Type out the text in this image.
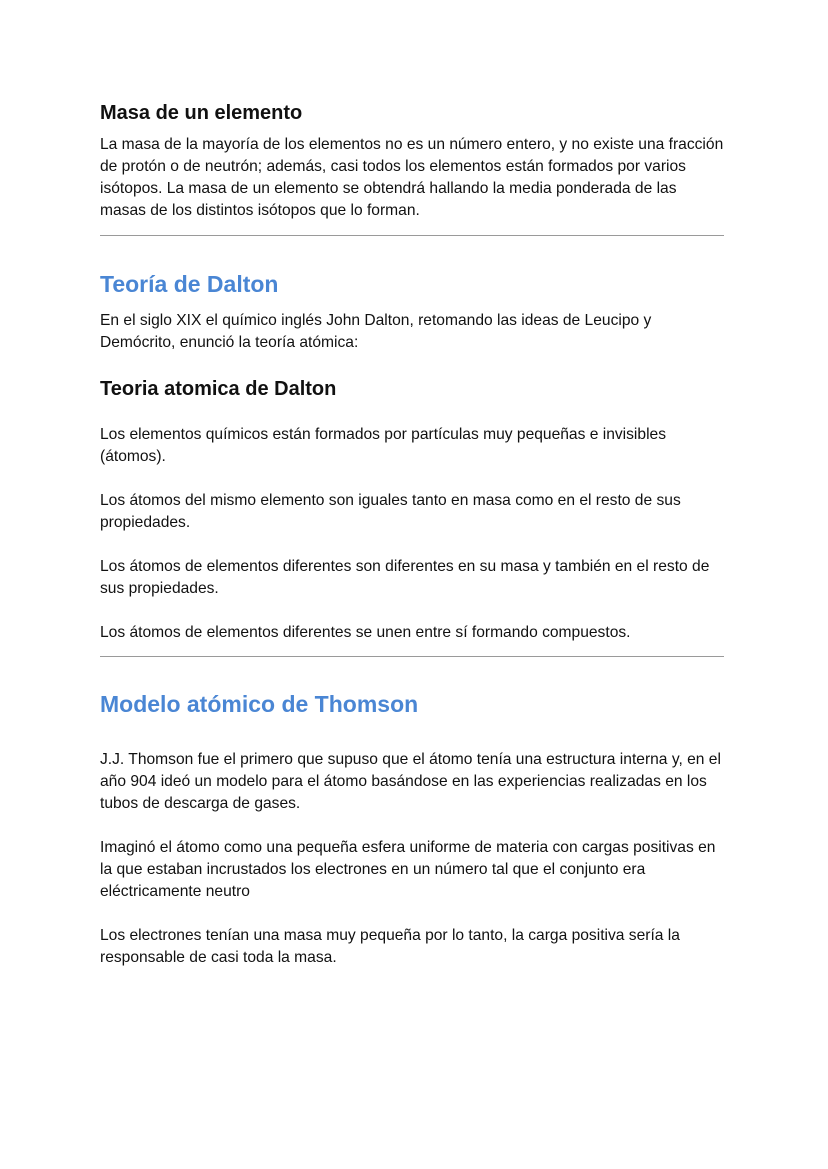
Masa de un elemento

La masa de la mayoría de los elementos no es un número entero, y no existe una fracción de protón o de neutrón; además, casi todos los elementos están formados por varios isótopos. La masa de un elemento se obtendrá hallando la media ponderada de las masas de los distintos isótopos que lo forman.

Teoría de Dalton

En el siglo XIX el químico inglés John Dalton, retomando las ideas de Leucipo y Demócrito, enunció la teoría atómica:

Teoria atomica de Dalton

Los elementos químicos están formados por partículas muy pequeñas e invisibles (átomos).

Los átomos del mismo elemento son iguales tanto en masa como en el resto de sus propiedades.

Los átomos de elementos diferentes son diferentes en su masa y también en el resto de sus propiedades.

Los átomos de elementos diferentes se unen entre sí formando compuestos.

Modelo atómico de Thomson

J.J. Thomson fue el primero que supuso que el átomo tenía una estructura interna y, en el año 904 ideó un modelo para el átomo basándose en las experiencias realizadas en los tubos de descarga de gases.

Imaginó el átomo como una pequeña esfera uniforme de materia con cargas positivas en la que estaban incrustados los electrones en un número tal que el conjunto era eléctricamente neutro

Los electrones tenían una masa muy pequeña por lo tanto, la carga positiva sería la responsable de casi toda la masa.
